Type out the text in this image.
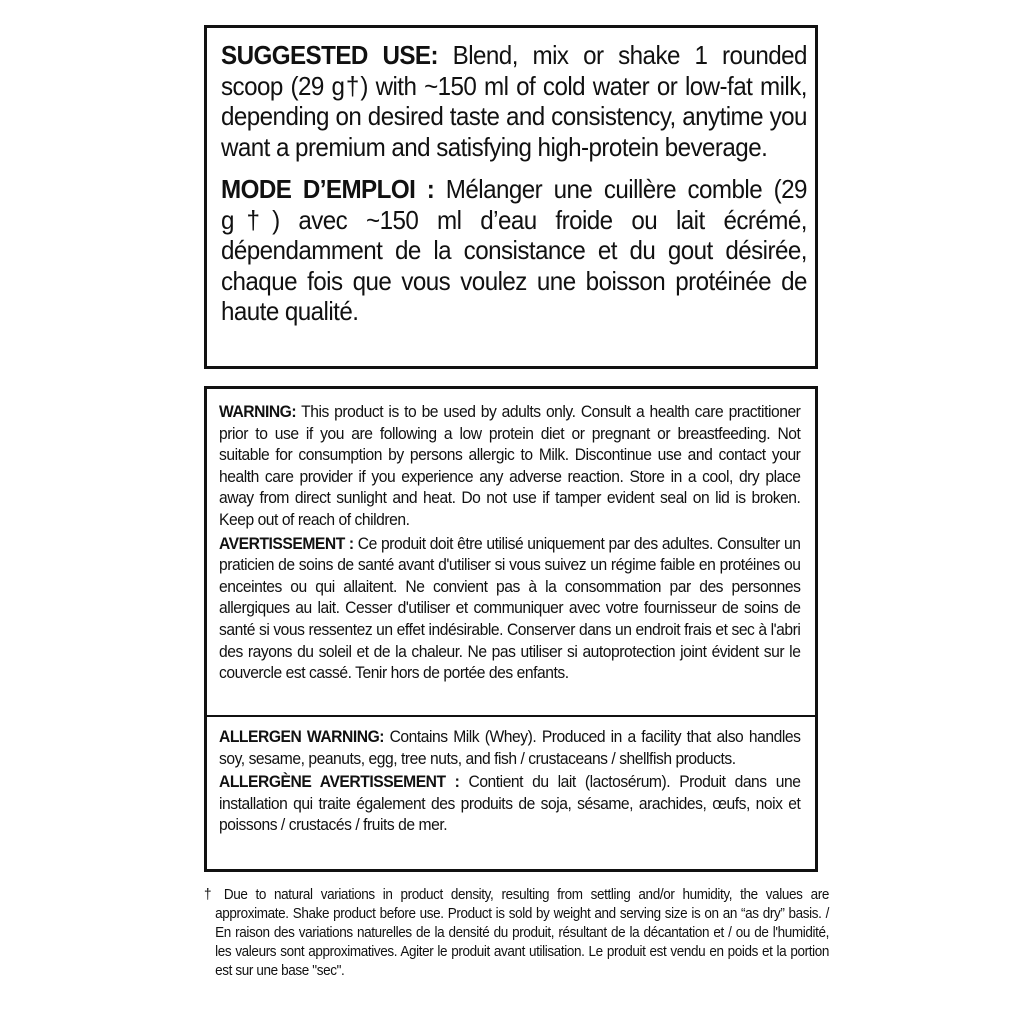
SUGGESTED USE: Blend, mix or shake 1 rounded scoop (29 g†) with ~150 ml of cold water or low-fat milk, depending on desired taste and consistency, anytime you want a premium and satisfying high-protein beverage.

MODE D’EMPLOI : Mélanger une cuillère comble (29 g†) avec ~150 ml d’eau froide ou lait écrémé, dépendamment de la consistance et du gout désirée, chaque fois que vous voulez une boisson protéinée de haute qualité.

WARNING: This product is to be used by adults only. Consult a health care practitioner prior to use if you are following a low protein diet or pregnant or breastfeeding. Not suitable for consumption by persons allergic to Milk. Discontinue use and contact your health care provider if you experience any adverse reaction. Store in a cool, dry place away from direct sunlight and heat. Do not use if tamper evident seal on lid is broken. Keep out of reach of children.

AVERTISSEMENT : Ce produit doit être utilisé uniquement par des adultes. Consulter un praticien de soins de santé avant d'utiliser si vous suivez un régime faible en protéines ou enceintes ou qui allaitent. Ne convient pas à la consommation par des personnes allergiques au lait. Cesser d'utiliser et communiquer avec votre fournisseur de soins de santé si vous ressentez un effet indésirable. Conserver dans un endroit frais et sec à l'abri des rayons du soleil et de la chaleur. Ne pas utiliser si autoprotection joint évident sur le couvercle est cassé. Tenir hors de portée des enfants.

ALLERGEN WARNING: Contains Milk (Whey). Produced in a facility that also handles soy, sesame, peanuts, egg, tree nuts, and fish / crustaceans / shellfish products.

ALLERGÈNE AVERTISSEMENT : Contient du lait (lactosérum). Produit dans une installation qui traite également des produits de soja, sésame, arachides, œufs, noix et poissons / crustacés / fruits de mer.

† Due to natural variations in product density, resulting from settling and/or humidity, the values are approximate. Shake product before use. Product is sold by weight and serving size is on an “as dry” basis. / En raison des variations naturelles de la densité du produit, résultant de la décantation et / ou de l'humidité, les valeurs sont approximatives. Agiter le produit avant utilisation. Le produit est vendu en poids et la portion est sur une base "sec".
